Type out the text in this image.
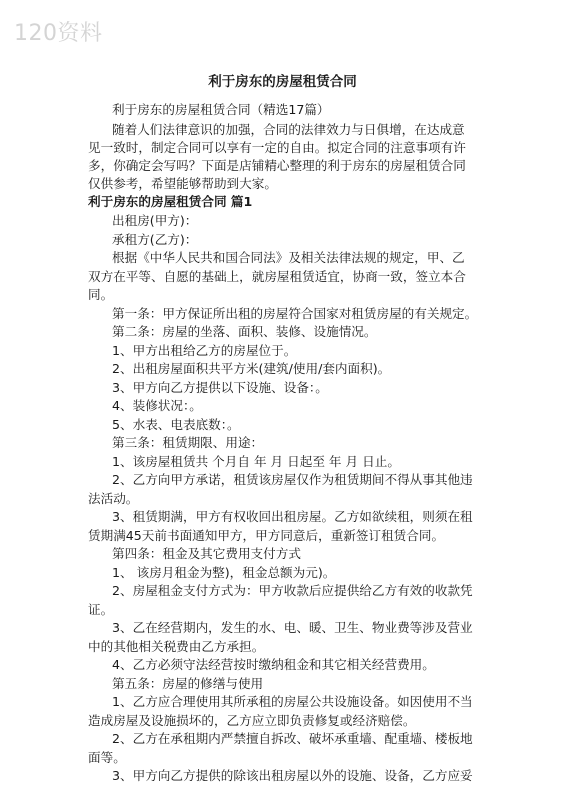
120资料
利于房东的房屋租赁合同
利于房东的房屋租赁合同（精选17篇）
随着人们法律意识的加强，合同的法律效力与日俱增，在达成意
见一致时，制定合同可以享有一定的自由。拟定合同的注意事项有许
多，你确定会写吗？下面是店铺精心整理的利于房东的房屋租赁合同
仅供参考，希望能够帮助到大家。
利于房东的房屋租赁合同 篇1
出租房(甲方)：
承租方(乙方)：
根据《中华人民共和国合同法》及相关法律法规的规定，甲、乙
双方在平等、自愿的基础上，就房屋租赁适宜，协商一致，签立本合
同。
第一条：甲方保证所出租的房屋符合国家对租赁房屋的有关规定。
第二条：房屋的坐落、面积、装修、设施情况。
1、甲方出租给乙方的房屋位于。
2、出租房屋面积共平方米(建筑/使用/套内面积)。
3、甲方向乙方提供以下设施、设备：。
4、装修状况：。
5、水表、电表底数：。
第三条：租赁期限、用途：
1、该房屋租赁共 个月自 年 月 日起至 年 月 日止。
2、乙方向甲方承诺，租赁该房屋仅作为租赁期间不得从事其他违
法活动。
3、租赁期满，甲方有权收回出租房屋。乙方如欲续租，则须在租
赁期满45天前书面通知甲方，甲方同意后，重新签订租赁合同。
第四条：租金及其它费用支付方式
1、 该房月租金为整)，租金总额为元)。
2、房屋租金支付方式为：甲方收款后应提供给乙方有效的收款凭
证。
3、乙在经营期内，发生的水、电、暖、卫生、物业费等涉及营业
中的其他相关税费由乙方承担。
4、乙方必须守法经营按时缴纳租金和其它相关经营费用。
第五条：房屋的修缮与使用
1、乙方应合理使用其所承租的房屋公共设施设备。如因使用不当
造成房屋及设施损坏的，乙方应立即负责修复或经济赔偿。
2、乙方在承租期内严禁擅自拆改、破坏承重墙、配重墙、楼板地
面等。
3、甲方向乙方提供的除该出租房屋以外的设施、设备，乙方应妥
